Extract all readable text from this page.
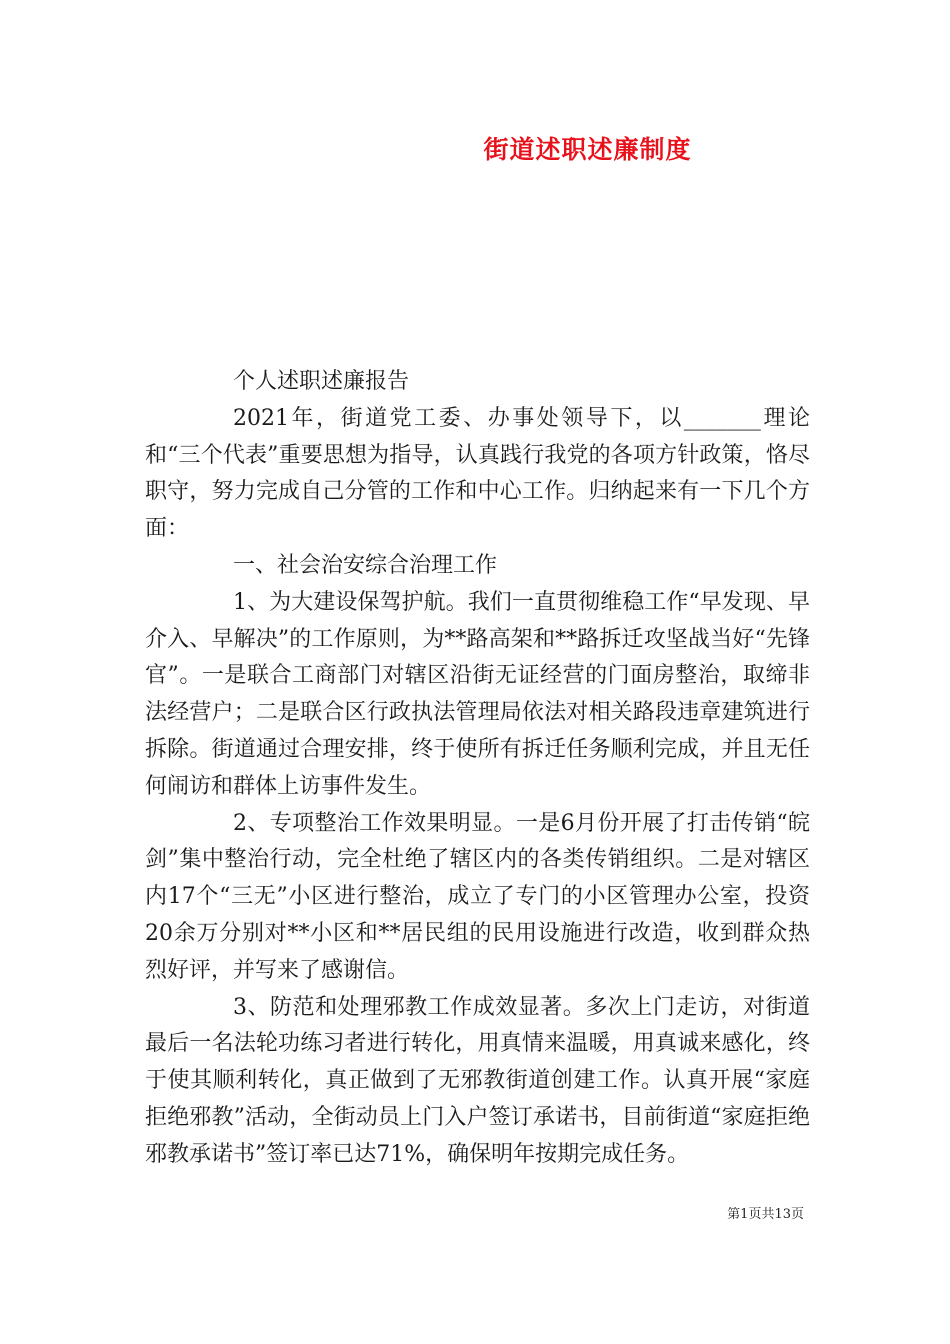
街道述职述廉制度

个人述职述廉报告

2021年，街道党工委、办事处领导下，以_______理论和“三个代表”重要思想为指导，认真践行我党的各项方针政策，恪尽职守，努力完成自己分管的工作和中心工作。归纳起来有一下几个方面：

一、社会治安综合治理工作

1、为大建设保驾护航。我们一直贯彻维稳工作“早发现、早介入、早解决”的工作原则，为**路高架和**路拆迁攻坚战当好“先锋官”。一是联合工商部门对辖区沿街无证经营的门面房整治，取缔非法经营户；二是联合区行政执法管理局依法对相关路段违章建筑进行拆除。街道通过合理安排，终于使所有拆迁任务顺利完成，并且无任何闹访和群体上访事件发生。

2、专项整治工作效果明显。一是6月份开展了打击传销“皖剑”集中整治行动，完全杜绝了辖区内的各类传销组织。二是对辖区内17个“三无”小区进行整治，成立了专门的小区管理办公室，投资20余万分别对**小区和**居民组的民用设施进行改造，收到群众热烈好评，并写来了感谢信。

3、防范和处理邪教工作成效显著。多次上门走访，对街道最后一名法轮功练习者进行转化，用真情来温暖，用真诚来感化，终于使其顺利转化，真正做到了无邪教街道创建工作。认真开展“家庭拒绝邪教”活动，全街动员上门入户签订承诺书，目前街道“家庭拒绝邪教承诺书”签订率已达71%，确保明年按期完成任务。

第1页共13页
